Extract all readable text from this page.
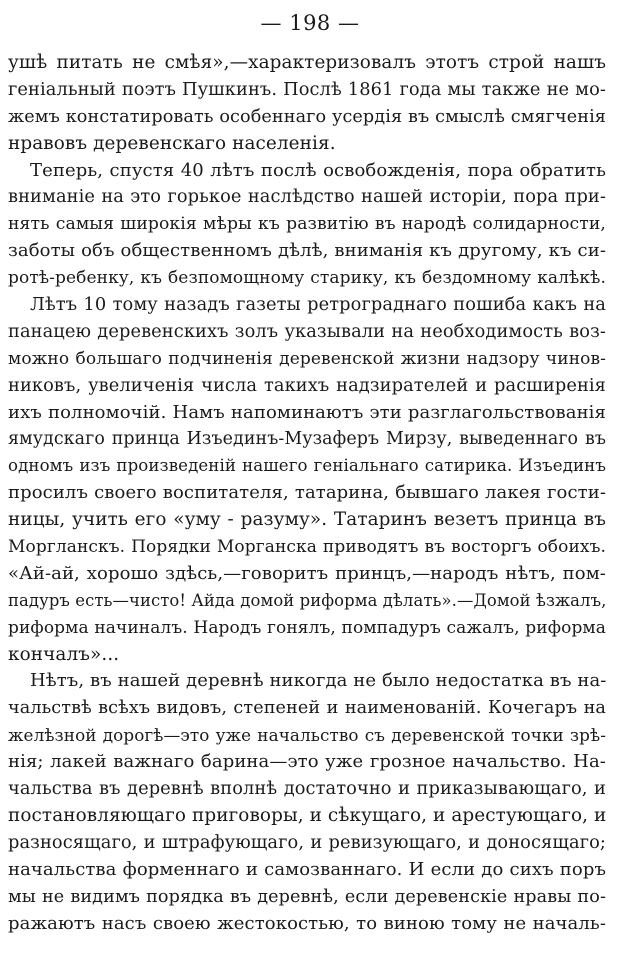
— 198 —
ушѣ питать не смѣя»,—характеризовалъ этотъ строй нашъ
геніальный поэтъ Пушкинъ. Послѣ 1861 года мы также не мо-
жемъ констатировать особеннаго усердія въ смыслѣ смягченія
нравовъ деревенскаго населенія.
Теперь, спустя 40 лѣтъ послѣ освобожденія, пора обратить
вниманіе на это горькое наслѣдство нашей исторіи, пора при-
нять самыя широкія мѣры къ развитію въ народѣ солидарности,
заботы объ общественномъ дѣлѣ, вниманія къ другому, къ си-
ротѣ-ребенку, къ безпомощному старику, къ бездомному калѣкѣ.
Лѣтъ 10 тому назадъ газеты ретрограднаго пошиба какъ на
панацею деревенскихъ золъ указывали на необходимость воз-
можно большаго подчиненія деревенской жизни надзору чинов-
никовъ, увеличенія числа такихъ надзирателей и расширенія
ихъ полномочій. Намъ напоминаютъ эти разглагольствованія
ямудскаго принца Изъединъ-Музаферъ Мирзу, выведеннаго въ
одномъ изъ произведеній нашего геніальнаго сатирика. Изъединъ
просилъ своего воспитателя, татарина, бывшаго лакея гости-
ницы, учить его «уму - разуму». Татаринъ везетъ принца въ
Моргланскъ. Порядки Морганска приводятъ въ восторгъ обоихъ.
«Ай-ай, хорошо здѣсь,—говоритъ принцъ,—народъ нѣтъ, пом-
падуръ есть—чисто! Айда домой риформа дѣлать».—Домой ѣзжалъ,
риформа начиналъ. Народъ гонялъ, помпадуръ сажалъ, риформа
кончалъ»...
Нѣтъ, въ нашей деревнѣ никогда не было недостатка въ на-
чальствѣ всѣхъ видовъ, степеней и наименованій. Кочегаръ на
желѣзной дорогѣ—это уже начальство съ деревенской точки зрѣ-
нія; лакей важнаго барина—это уже грозное начальство. На-
чальства въ деревнѣ вполнѣ достаточно и приказывающаго, и
постановляющаго приговоры, и сѣкущаго, и арестующаго, и
разносящаго, и штрафующаго, и ревизующаго, и доносящаго;
начальства форменнаго и самозваннаго. И если до сихъ поръ
мы не видимъ порядка въ деревнѣ, если деревенскіе нравы по-
ражаютъ насъ своею жестокостью, то виною тому не началь-
